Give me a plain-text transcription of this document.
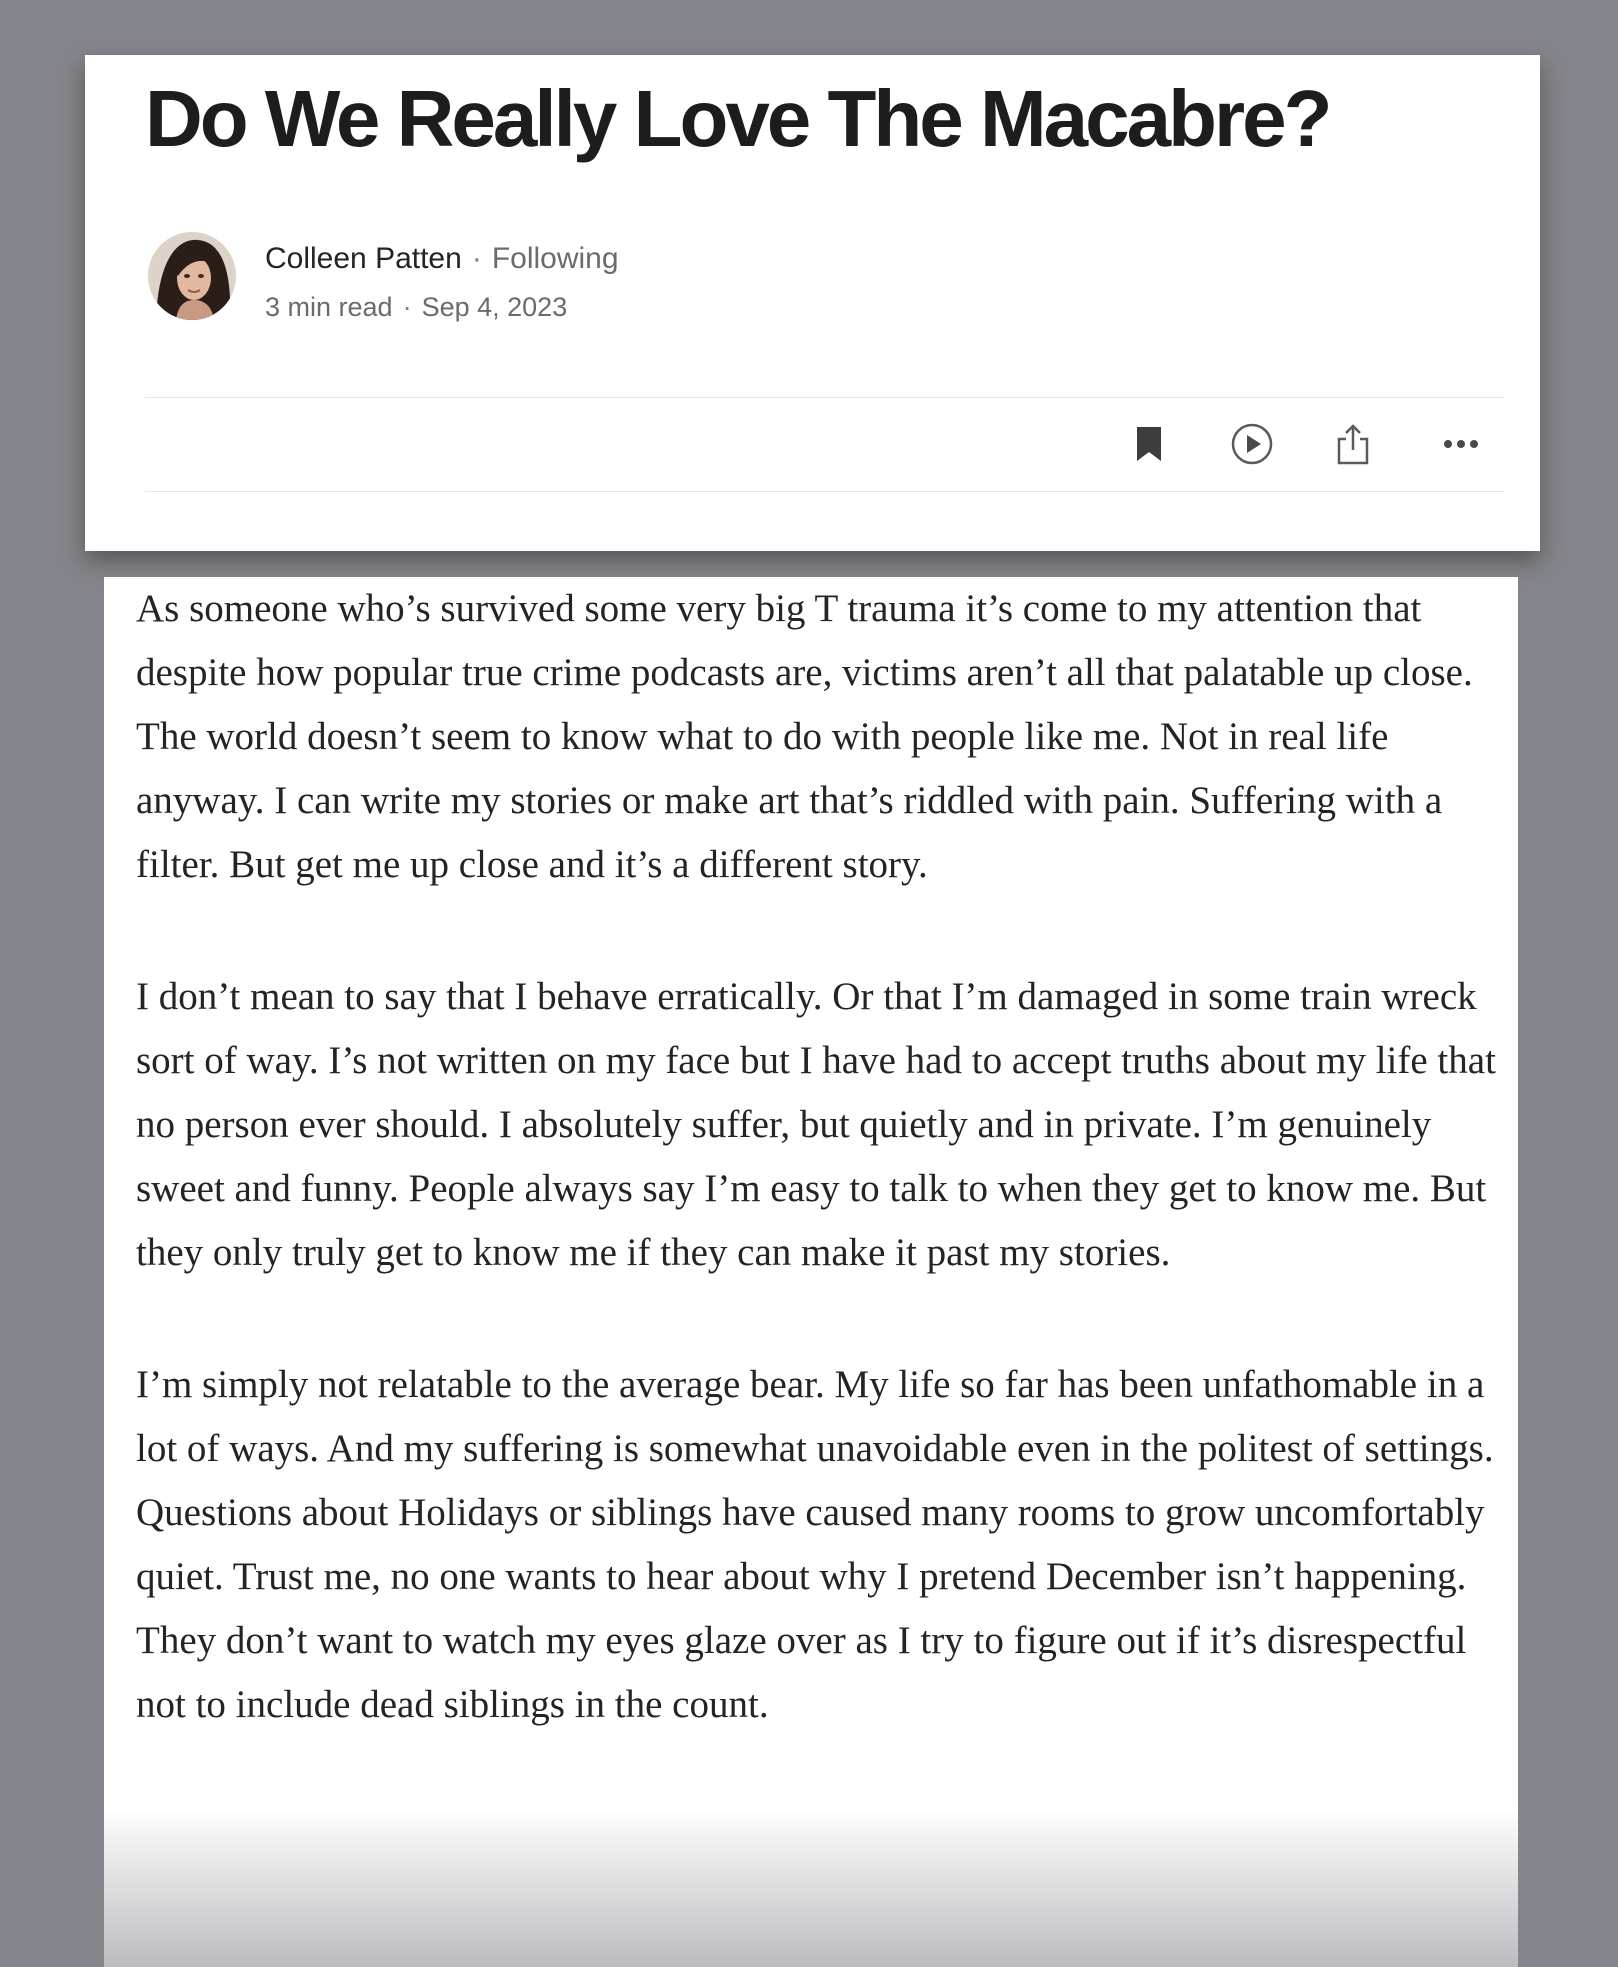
Do We Really Love The Macabre?
Colleen Patten · Following
3 min read · Sep 4, 2023

As someone who’s survived some very big T trauma it’s come to my attention that despite how popular true crime podcasts are, victims aren’t all that palatable up close. The world doesn’t seem to know what to do with people like me. Not in real life anyway. I can write my stories or make art that’s riddled with pain. Suffering with a filter. But get me up close and it’s a different story.

I don’t mean to say that I behave erratically. Or that I’m damaged in some train wreck sort of way. I’s not written on my face but I have had to accept truths about my life that no person ever should. I absolutely suffer, but quietly and in private. I’m genuinely sweet and funny. People always say I’m easy to talk to when they get to know me. But they only truly get to know me if they can make it past my stories.

I’m simply not relatable to the average bear. My life so far has been unfathomable in a lot of ways. And my suffering is somewhat unavoidable even in the politest of settings. Questions about Holidays or siblings have caused many rooms to grow uncomfortably quiet. Trust me, no one wants to hear about why I pretend December isn’t happening. They don’t want to watch my eyes glaze over as I try to figure out if it’s disrespectful not to include dead siblings in the count.
